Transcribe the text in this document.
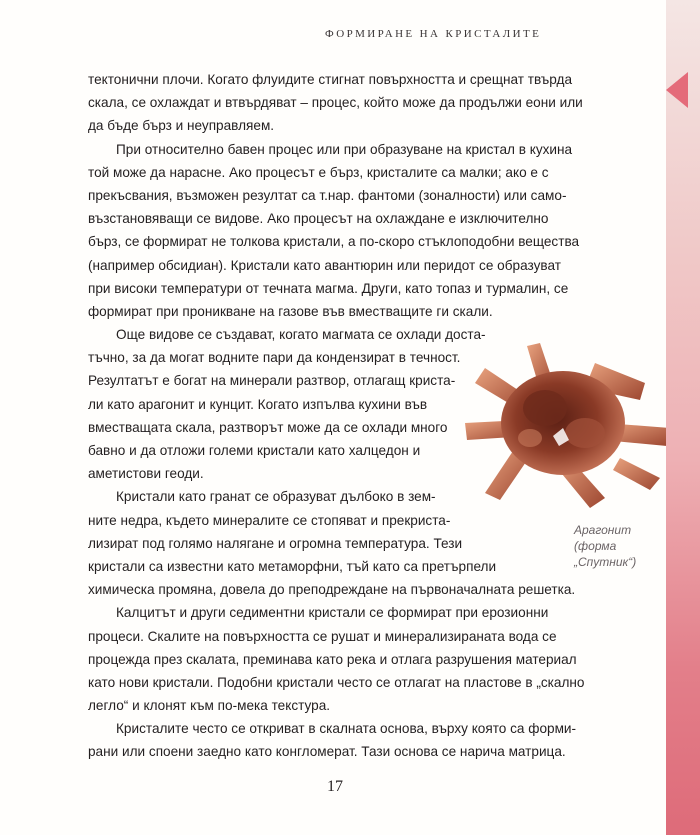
ФОРМИРАНЕ НА КРИСТАЛИТЕ
тектонични плочи. Когато флуидите стигнат повърхността и срещнат твърда
скала, се охлаждат и втвърдяват – процес, който може да продължи еони или
да бъде бърз и неуправляем.
При относително бавен процес или при образуване на кристал в кухина
той може да нарасне. Ако процесът е бърз, кристалите са малки; ако е с
прекъсвания, възможен резултат са т.нар. фантоми (зоналности) или само-
възстановяващи се видове. Ако процесът на охлаждане е изключително
бърз, се формират не толкова кристали, а по-скоро стъклоподобни вещества
(например обсидиан). Кристали като авантюрин или перидот се образуват
при високи температури от течната магма. Други, като топаз и турмалин, се
формират при проникване на газове във вместващите ги скали.
Още видове се създават, когато магмата се охлади доста-
тъчно, за да могат водните пари да кондензират в течност.
Резултатът е богат на минерали разтвор, отлагащ криста-
ли като арагонит и кунцит. Когато изпълва кухини във
вместващата скала, разтворът може да се охлади много
бавно и да отложи големи кристали като халцедон и
аметистови геоди.
Кристали като гранат се образуват дълбоко в зем-
ните недра, където минералите се стопяват и прекриста-
лизират под голямо налягане и огромна температура. Тези
кристали са известни като метаморфни, тъй като са претърпели
химическа промяна, довела до преподреждане на първоначалната решетка.
Калцитът и други седиментни кристали се формират при ерозионни
процеси. Скалите на повърхността се рушат и минерализираната вода се
процежда през скалата, преминава като река и отлага разрушения материал
като нови кристали. Подобни кристали често се отлагат на пластове в „скално
легло“ и клонят към по-мека текстура.
Кристалите често се откриват в скалната основа, върху която са форми-
рани или споени заедно като конгломерат. Тази основа се нарича матрица.
Арагонит
(форма
„Спутник“)
17
